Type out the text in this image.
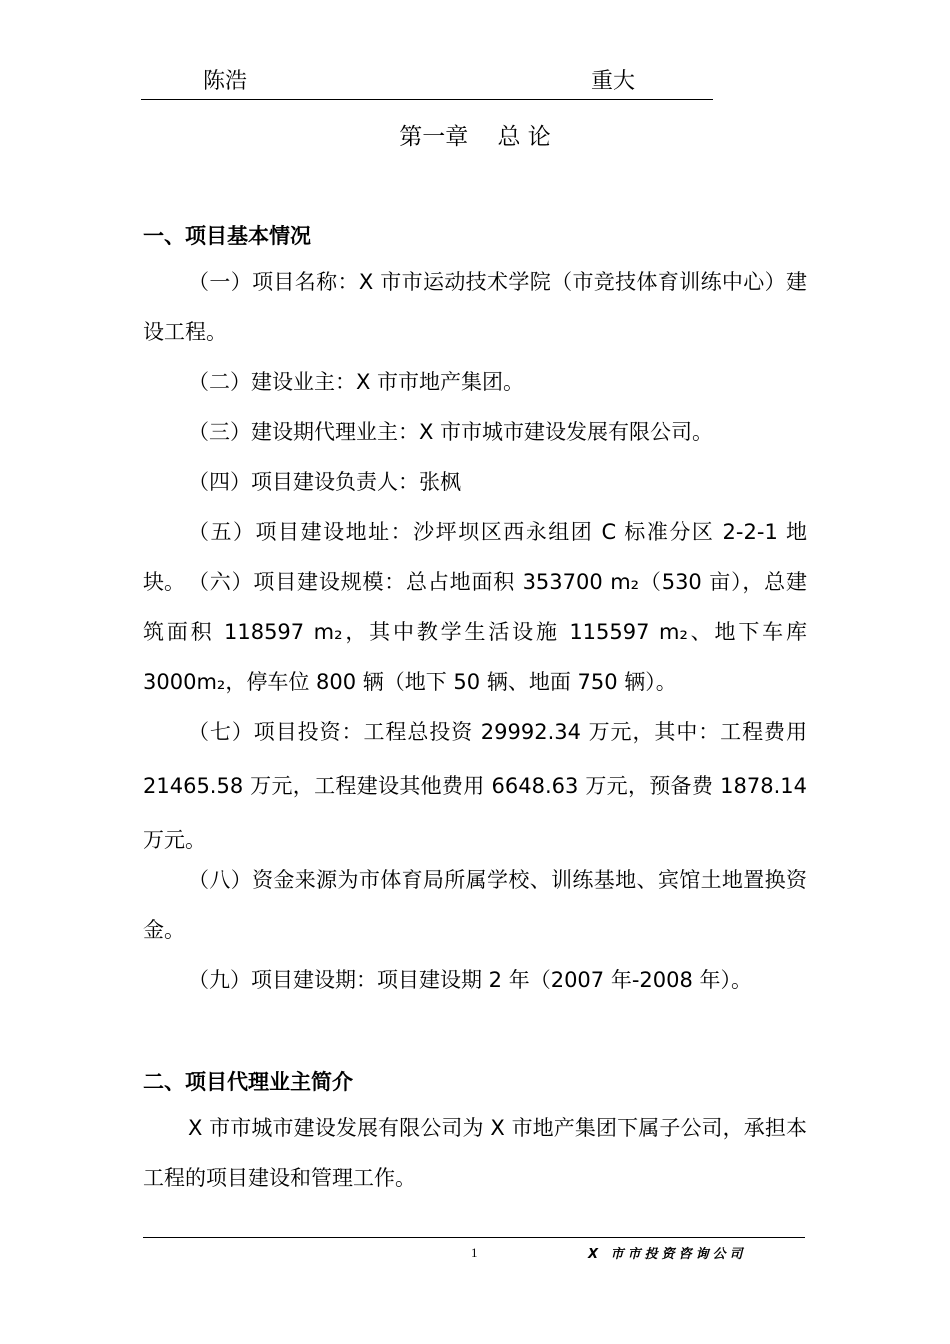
陈浩	重大
第一章    总 论
一、项目基本情况
（一）项目名称：X 市市运动技术学院（市竞技体育训练中心）建设工程。
（二）建设业主：X 市市地产集团。
（三）建设期代理业主：X 市市城市建设发展有限公司。
（四）项目建设负责人：张枫
（五）项目建设地址：沙坪坝区西永组团 C 标准分区 2-2-1 地块。 （六）项目建设规模：总占地面积 353700 m₂（530 亩），总建筑面积 118597 m₂，其中教学生活设施 115597 m₂、地下车库 3000m₂，停车位 800 辆（地下 50 辆、地面 750 辆）。
（七）项目投资：工程总投资 29992.34 万元，其中：工程费用 21465.58 万元，工程建设其他费用 6648.63 万元，预备费 1878.14 万元。
（八）资金来源为市体育局所属学校、训练基地、宾馆土地置换资金。
（九）项目建设期：项目建设期 2 年（2007 年-2008 年）。
二、项目代理业主简介
X 市市城市建设发展有限公司为 X 市地产集团下属子公司，承担本工程的项目建设和管理工作。
1	X 市市投资咨询公司
